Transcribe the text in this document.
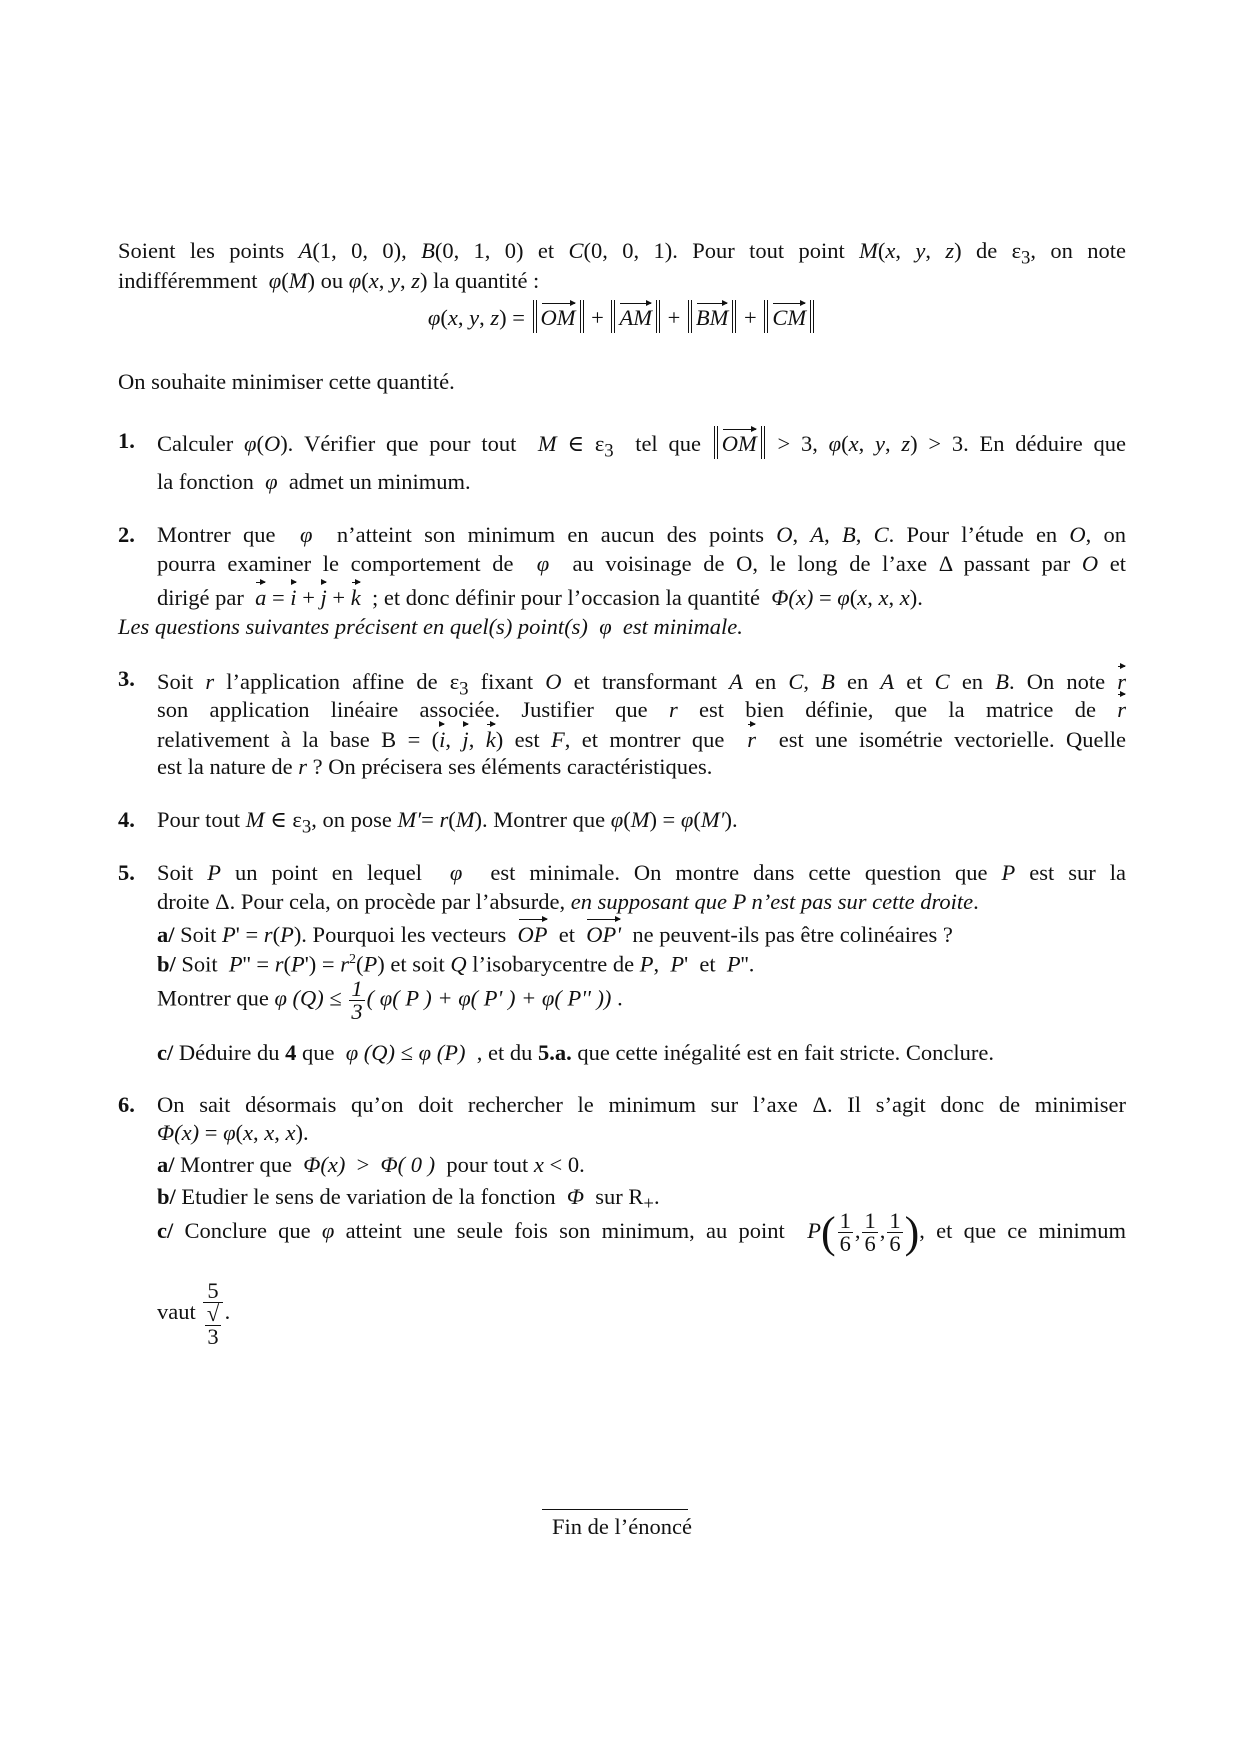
Soient les points A(1, 0, 0), B(0, 1, 0) et C(0, 0, 1). Pour tout point M(x, y, z) de $\varepsilon_3$, on note
indifféremment  φ(M) ou φ(x, y, z) la quantité :
φ(x, y, z) = OM + AM + BM + CM
On souhaite minimiser cette quantité.
1. Calculer φ(O). Vérifier que pour tout  M ∈ $\varepsilon_3$  tel que OM > 3, φ(x, y, z) > 3. En déduire que
la fonction  φ  admet un minimum.
2. Montrer que  φ  n’atteint son minimum en aucun des points O, A, B, C. Pour l’étude en O, on
pourra examiner le comportement de  φ  au voisinage de O, le long de l’axe Δ passant par O et
dirigé par  a = i + j + k  ; et donc définir pour l’occasion la quantité  Φ(x) = φ(x, x, x).
Les questions suivantes précisent en quel(s) point(s)  φ  est minimale.
3. Soit r l’application affine de $\varepsilon_3$ fixant O et transformant A en C, B en A et C en B. On note r
son application linéaire associée. Justifier que r est bien définie, que la matrice de r
relativement à la base B = (i, j, k) est F, et montrer que  r  est une isométrie vectorielle. Quelle
est la nature de r ? On précisera ses éléments caractéristiques.
4. Pour tout M ∈ $\varepsilon_3$, on pose M′= r(M). Montrer que φ(M) = φ(M′).
5. Soit P un point en lequel  φ  est minimale. On montre dans cette question que P est sur la
droite Δ. Pour cela, on procède par l’absurde, en supposant que P n’est pas sur cette droite.
a/ Soit P' = r(P). Pourquoi les vecteurs  OP  et  OP'  ne peuvent-ils pas être colinéaires ?
b/ Soit  $P'' = r(P') = r^2(P)$ et soit Q l’isobarycentre de P,  P'  et  P''.
Montrer que φ $(Q) \le \frac{1}{3}$ ( φ( P ) + φ( P' ) + φ( P'' )) .
c/ Déduire du 4 que  φ (Q) ≤ φ (P)  , et du 5.a. que cette inégalité est en fait stricte. Conclure.
6. On sait désormais qu’on doit rechercher le minimum sur l’axe Δ. Il s’agit donc de minimiser
Φ(x) = φ(x, x, x).
a/ Montrer que  Φ(x)  >  Φ( 0 )  pour tout x < 0.
b/ Etudier le sens de variation de la fonction  Φ  sur $R_+$.
c/ Conclure que φ atteint une seule fois son minimum, au point  $P( \frac{1}{6}$ , $\frac{1}{6}$ , $\frac{1}{6}$ ), et que ce minimum
vaut 5
√
3 .
Fin de l’énoncé
